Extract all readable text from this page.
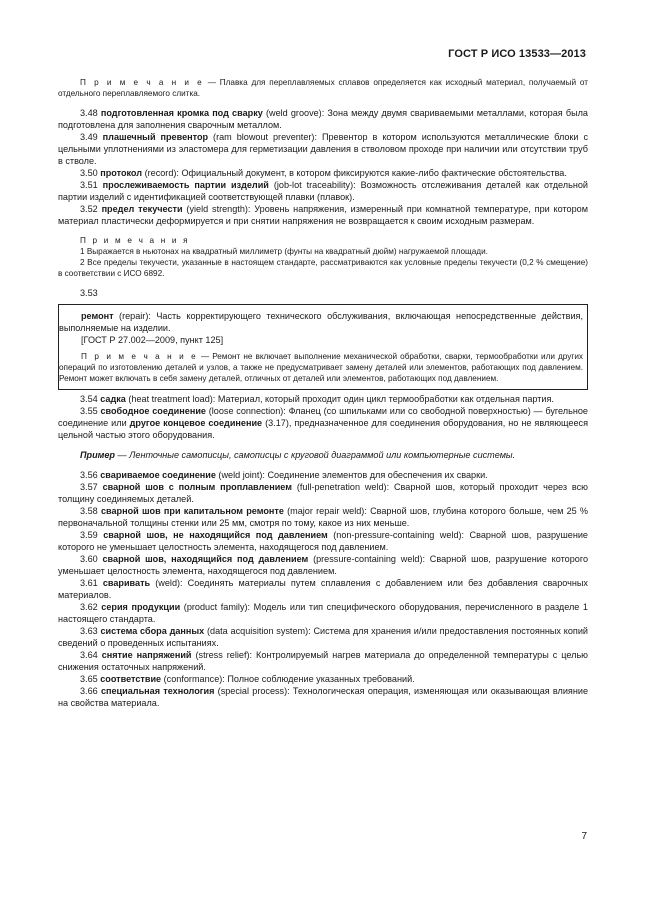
ГОСТ Р ИСО 13533—2013

П р и м е ч а н и е — Плавка для переплавляемых сплавов определяется как исходный материал, получаемый от отдельного переплавляемого слитка.

3.48 подготовленная кромка под сварку (weld groove): Зона между двумя свариваемыми металлами, которая была подготовлена для заполнения сварочным металлом.

3.49 плашечный превентор (ram blowout preventer): Превентор в котором используются металлические блоки с цельными уплотнениями из эластомера для герметизации давления в стволовом проходе при наличии или отсутствии труб в стволе.

3.50 протокол (record): Официальный документ, в котором фиксируются какие-либо фактические обстоятельства.

3.51 прослеживаемость партии изделий (job-lot traceability): Возможность отслеживания деталей как отдельной партии изделий с идентификацией соответствующей плавки (плавок).

3.52 предел текучести (yield strength): Уровень напряжения, измеренный при комнатной температуре, при котором материал пластически деформируется и при снятии напряжения не возвращается к своим исходным размерам.

П р и м е ч а н и я

1 Выражается в ньютонах на квадратный миллиметр (фунты на квадратный дюйм) нагружаемой площади.

2 Все пределы текучести, указанные в настоящем стандарте, рассматриваются как условные пределы текучести (0,2 % смещение) в соответствии с ИСО 6892.

3.53

ремонт (repair): Часть корректирующего технического обслуживания, включающая непосредственные действия, выполняемые на изделии.

[ГОСТ Р 27.002—2009, пункт 125]

П р и м е ч а н и е — Ремонт не включает выполнение механической обработки, сварки, термообработки или других операций по изготовлению деталей и узлов, а также не предусматривает замену деталей или элементов, работающих под давлением. Ремонт может включать в себя замену деталей, отличных от деталей или элементов, работающих под давлением.

3.54 садка (heat treatment load): Материал, который проходит один цикл термообработки как отдельная партия.

3.55 свободное соединение (loose connection): Фланец (со шпильками или со свободной поверхностью) — бугельное соединение или другое концевое соединение (3.17), предназначенное для соединения оборудования, но не являющееся цельной частью этого оборудования.

Пример — Ленточные самописцы, самописцы с круговой диаграммой или компьютерные системы.

3.56 свариваемое соединение (weld joint): Соединение элементов для обеспечения их сварки.

3.57 сварной шов с полным проплавлением (full-penetration weld): Сварной шов, который проходит через всю толщину соединяемых деталей.

3.58 сварной шов при капитальном ремонте (major repair weld): Сварной шов, глубина которого больше, чем 25 % первоначальной толщины стенки или 25 мм, смотря по тому, какое из них меньше.

3.59 сварной шов, не находящийся под давлением (non-pressure-containing weld): Сварной шов, разрушение которого не уменьшает целостность элемента, находящегося под давлением.

3.60 сварной шов, находящийся под давлением (pressure-containing weld): Сварной шов, разрушение которого уменьшает целостность элемента, находящегося под давлением.

3.61 сваривать (weld): Соединять материалы путем сплавления с добавлением или без добавления сварочных материалов.

3.62 серия продукции (product family): Модель или тип специфического оборудования, перечисленного в разделе 1 настоящего стандарта.

3.63 система сбора данных (data acquisition system): Система для хранения и/или предоставления постоянных копий сведений о проведенных испытаниях.

3.64 снятие напряжений (stress relief): Контролируемый нагрев материала до определенной температуры с целью снижения остаточных напряжений.

3.65 соответствие (conformance): Полное соблюдение указанных требований.

3.66 специальная технология (special process): Технологическая операция, изменяющая или оказывающая влияние на свойства материала.

7
